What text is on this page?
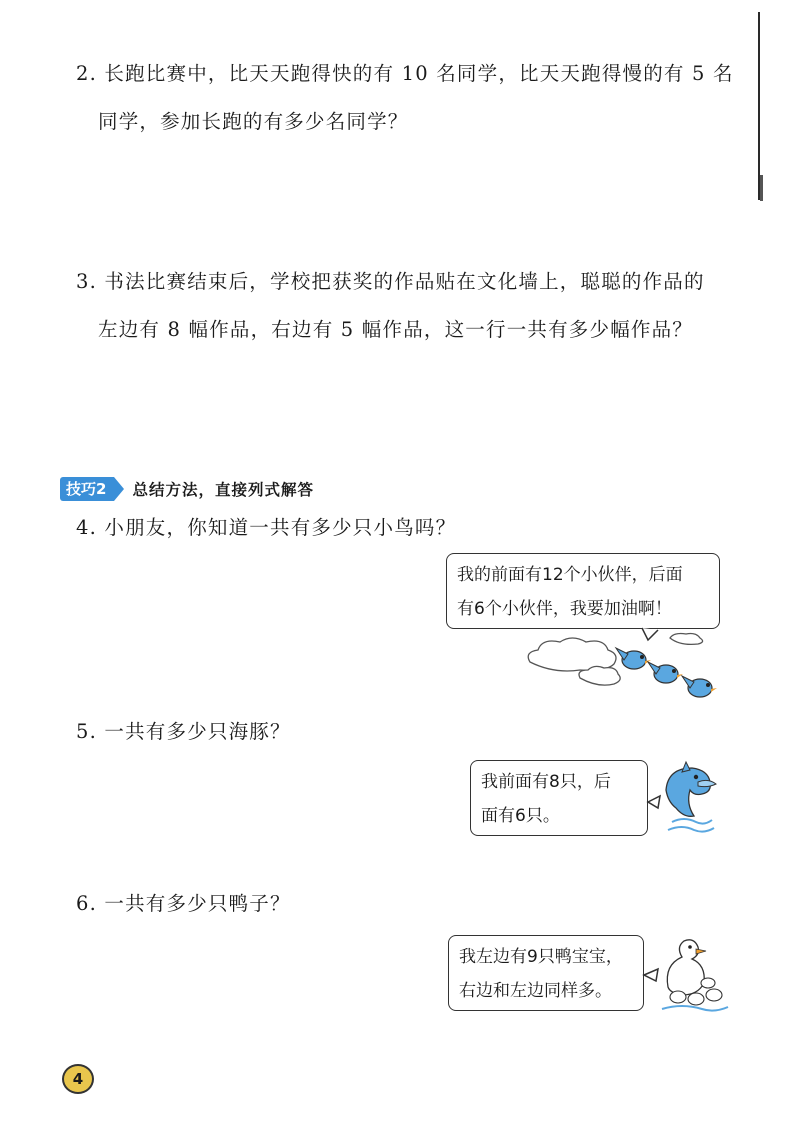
2. 长跑比赛中，比天天跑得快的有 10 名同学，比天天跑得慢的有 5 名
同学，参加长跑的有多少名同学？
3. 书法比赛结束后，学校把获奖的作品贴在文化墙上，聪聪的作品的
左边有 8 幅作品，右边有 5 幅作品，这一行一共有多少幅作品？
技巧2	总结方法，直接列式解答
4. 小朋友，你知道一共有多少只小鸟吗？
我的前面有12个小伙伴，后面
有6个小伙伴，我要加油啊！
5. 一共有多少只海豚？
我前面有8只，后
面有6只。
6. 一共有多少只鸭子？
我左边有9只鸭宝宝，
右边和左边同样多。
4
